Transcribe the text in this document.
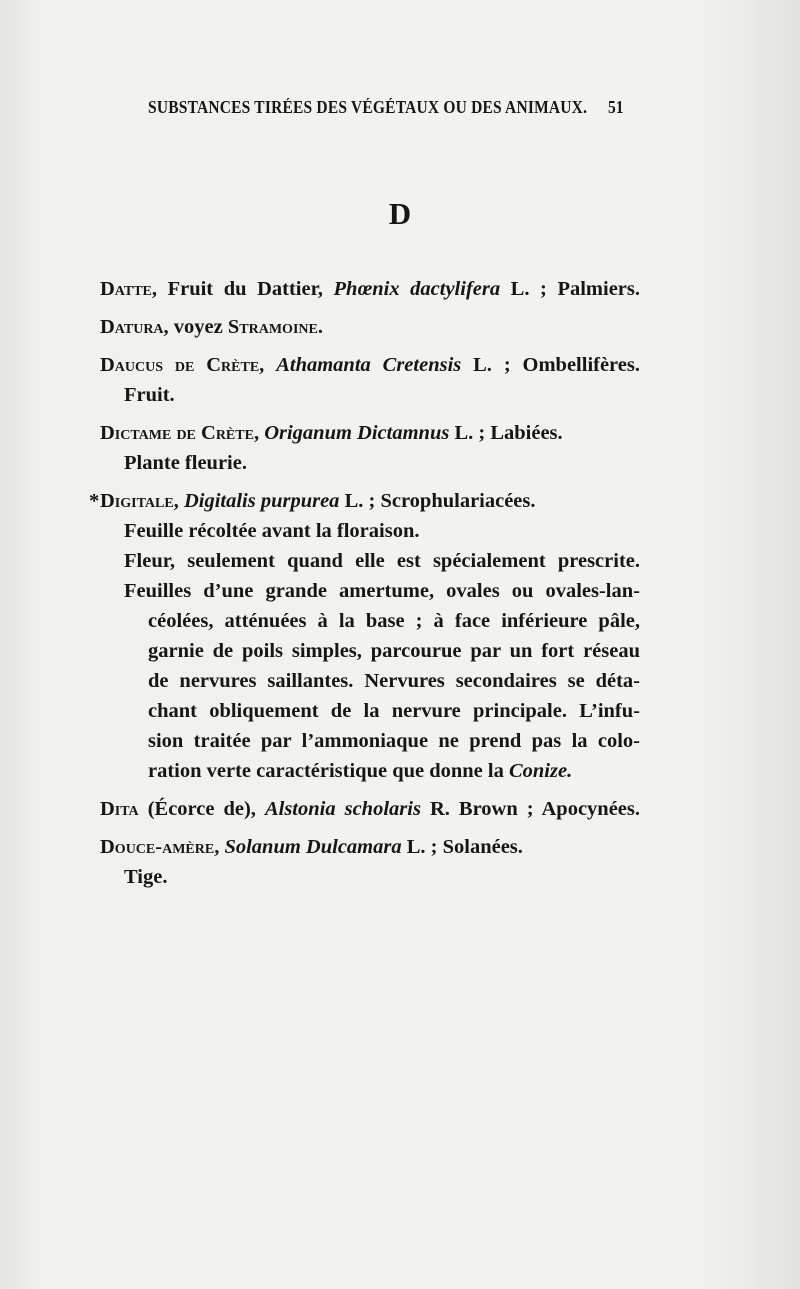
SUBSTANCES TIRÉES DES VÉGÉTAUX OU DES ANIMAUX.	51
D
Datte, Fruit du Dattier, Phœnix dactylifera L. ; Palmiers.
Datura, voyez Stramoine.
Daucus de Crète, Athamanta Cretensis L. ; Ombellifères.
Fruit.
Dictame de Crète, Origanum Dictamnus L. ; Labiées.
Plante fleurie.
* Digitale, Digitalis purpurea L. ; Scrophulariacées.
Feuille récoltée avant la floraison.
Fleur, seulement quand elle est spécialement prescrite.
Feuilles d’une grande amertume, ovales ou ovales-lan-
céolées, atténuées à la base ; à face inférieure pâle,
garnie de poils simples, parcourue par un fort réseau
de nervures saillantes. Nervures secondaires se déta-
chant obliquement de la nervure principale. L’infu-
sion traitée par l’ammoniaque ne prend pas la colo-
ration verte caractéristique que donne la Conize.
Dita (Écorce de), Alstonia scholaris R. Brown ; Apocynées.
Douce-amère, Solanum Dulcamara L. ; Solanées.
Tige.
